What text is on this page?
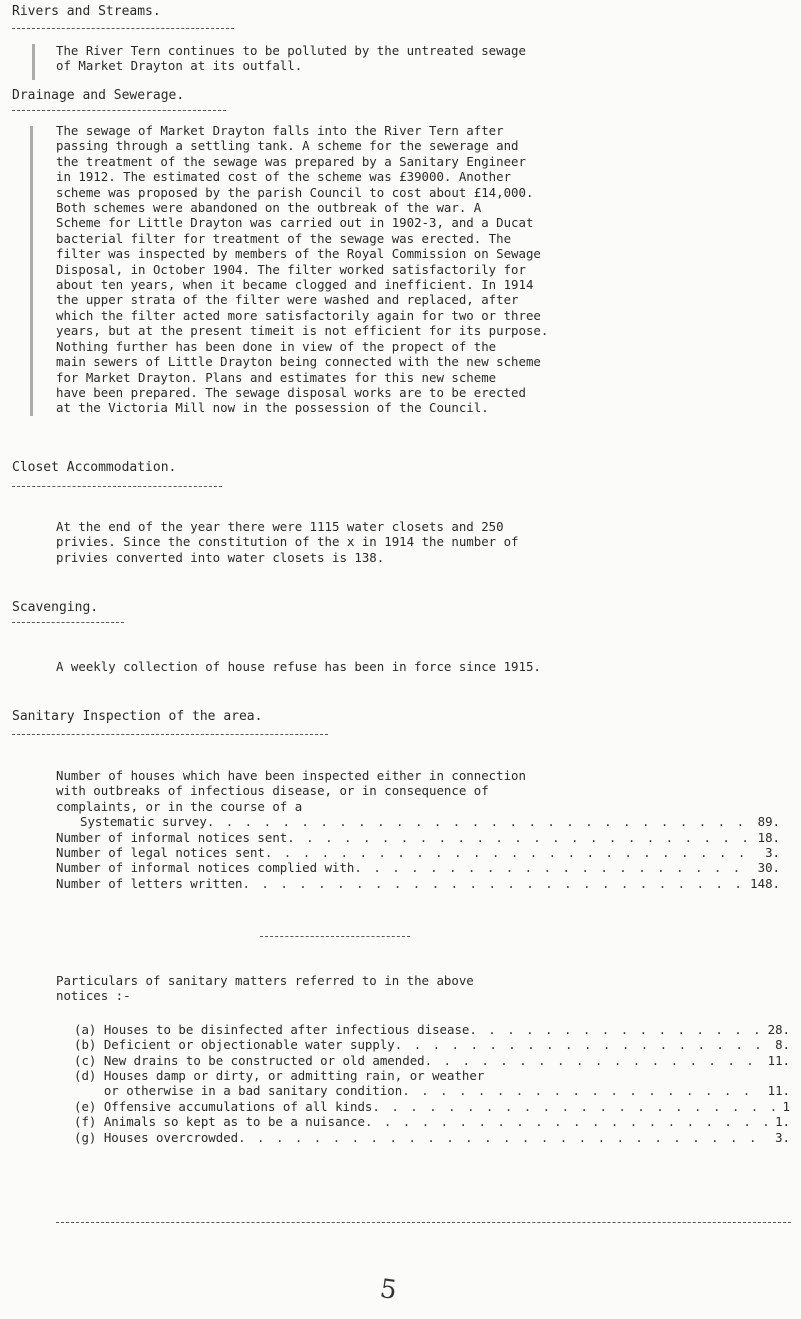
Rivers and Streams.
The River Tern continues to be polluted by the untreated sewage
of Market Drayton at its outfall.
Drainage and Sewerage.
The sewage of Market Drayton falls into the River Tern after
passing through a settling tank. A scheme for the sewerage and
the treatment of the sewage was prepared by a Sanitary Engineer
in 1912. The estimated cost of the scheme was £39000. Another
scheme was proposed by the parish Council to cost about £14,000.
Both schemes were abandoned on the outbreak of the war. A
Scheme for Little Drayton was carried out in 1902-3, and a Ducat
bacterial filter for treatment of the sewage was erected. The
filter was inspected by members of the Royal Commission on Sewage
Disposal, in October 1904. The filter worked satisfactorily for
about ten years, when it became clogged and inefficient. In 1914
the upper strata of the filter were washed and replaced, after
which the filter acted more satisfactorily again for two or three
years, but at the present timeit is not efficient for its purpose.
Nothing further has been done in view of the propect of the
main sewers of Little Drayton being connected with the new scheme
for Market Drayton. Plans and estimates for this new scheme
have been prepared. The sewage disposal works are to be erected
at the Victoria Mill now in the possession of the Council.
Closet Accommodation.
At the end of the year there were 1115 water closets and 250
privies. Since the constitution of the x in 1914 the number of
privies converted into water closets is 138.
Scavenging.
A weekly collection of house refuse has been in force since 1915.
Sanitary Inspection of the area.
Number of houses which have been inspected either in connection
with outbreaks of infectious disease, or in consequence of
complaints, or in the course of a
Systematic survey . . .	89.
Number of informal notices sent . . .	18.
Number of legal notices sent . . .	3.
Number of informal notices complied with . . .	30.
Number of letters written . . .	148.
Particulars of sanitary matters referred to in the above
notices :-
(a) Houses to be disinfected after infectious disease . . .	28.
(b) Deficient or objectionable water supply . . .	8.
(c) New drains to be constructed or old amended . . .	11.
(d) Houses damp or dirty, or admitting rain, or weather
or otherwise in a bad sanitary condition . . .	11.
(e) Offensive accumulations of all kinds . . .	1
(f) Animals so kept as to be a nuisance . . .	1.
(g) Houses overcrowded . . .	3.
5
